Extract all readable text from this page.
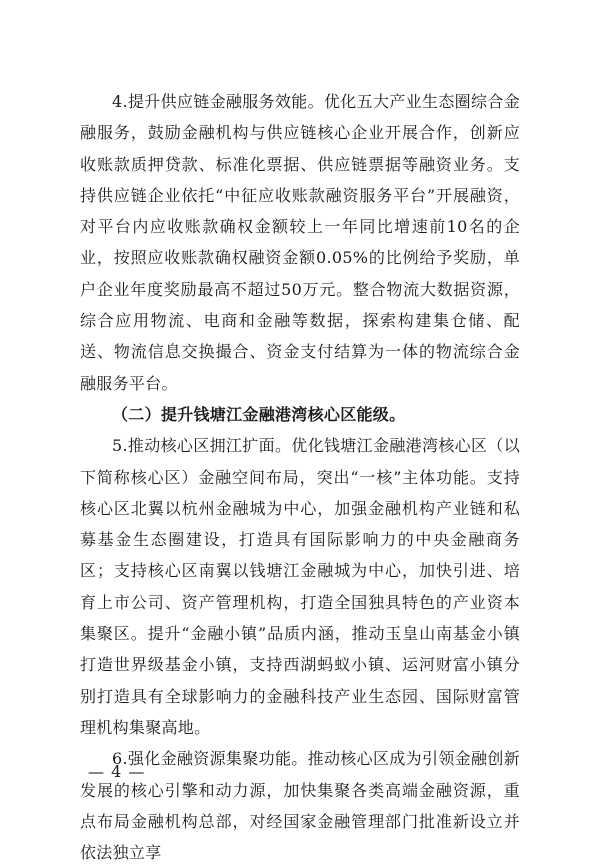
4.提升供应链金融服务效能。优化五大产业生态圈综合金融服务，鼓励金融机构与供应链核心企业开展合作，创新应收账款质押贷款、标准化票据、供应链票据等融资业务。支持供应链企业依托“中征应收账款融资服务平台”开展融资，对平台内应收账款确权金额较上一年同比增速前10名的企业，按照应收账款确权融资金额0.05%的比例给予奖励，单户企业年度奖励最高不超过50万元。整合物流大数据资源，综合应用物流、电商和金融等数据，探索构建集仓储、配送、物流信息交换撮合、资金支付结算为一体的物流综合金融服务平台。

（二）提升钱塘江金融港湾核心区能级。

5.推动核心区拥江扩面。优化钱塘江金融港湾核心区（以下简称核心区）金融空间布局，突出“一核”主体功能。支持核心区北翼以杭州金融城为中心，加强金融机构产业链和私募基金生态圈建设，打造具有国际影响力的中央金融商务区；支持核心区南翼以钱塘江金融城为中心，加快引进、培育上市公司、资产管理机构，打造全国独具特色的产业资本集聚区。提升“金融小镇”品质内涵，推动玉皇山南基金小镇打造世界级基金小镇，支持西湖蚂蚁小镇、运河财富小镇分别打造具有全球影响力的金融科技产业生态园、国际财富管理机构集聚高地。

6.强化金融资源集聚功能。推动核心区成为引领金融创新发展的核心引擎和动力源，加快集聚各类高端金融资源，重点布局金融机构总部，对经国家金融管理部门批准新设立并依法独立享

— 4 —
